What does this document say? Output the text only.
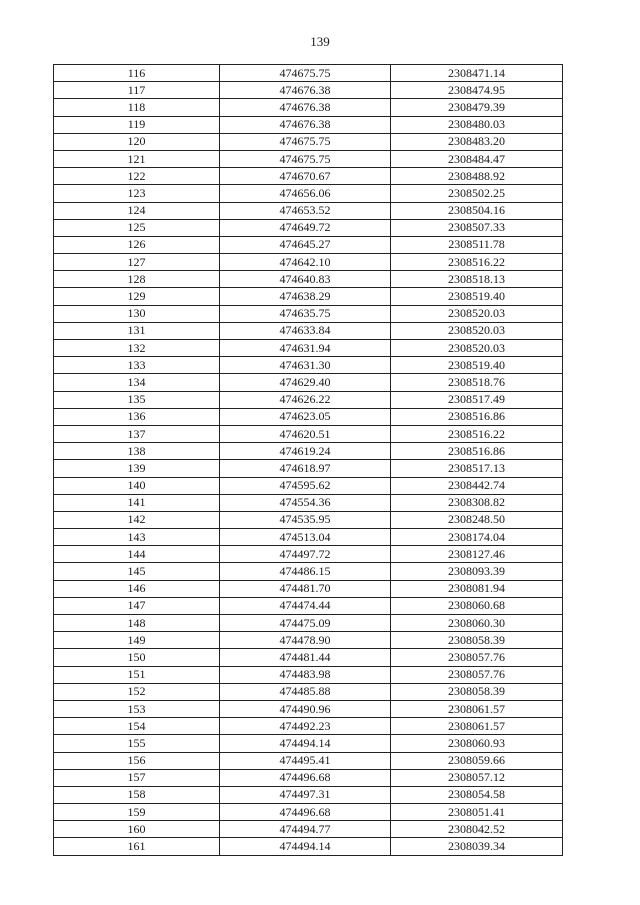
139
116	474675.75	2308471.14
117	474676.38	2308474.95
118	474676.38	2308479.39
119	474676.38	2308480.03
120	474675.75	2308483.20
121	474675.75	2308484.47
122	474670.67	2308488.92
123	474656.06	2308502.25
124	474653.52	2308504.16
125	474649.72	2308507.33
126	474645.27	2308511.78
127	474642.10	2308516.22
128	474640.83	2308518.13
129	474638.29	2308519.40
130	474635.75	2308520.03
131	474633.84	2308520.03
132	474631.94	2308520.03
133	474631.30	2308519.40
134	474629.40	2308518.76
135	474626.22	2308517.49
136	474623.05	2308516.86
137	474620.51	2308516.22
138	474619.24	2308516.86
139	474618.97	2308517.13
140	474595.62	2308442.74
141	474554.36	2308308.82
142	474535.95	2308248.50
143	474513.04	2308174.04
144	474497.72	2308127.46
145	474486.15	2308093.39
146	474481.70	2308081.94
147	474474.44	2308060.68
148	474475.09	2308060.30
149	474478.90	2308058.39
150	474481.44	2308057.76
151	474483.98	2308057.76
152	474485.88	2308058.39
153	474490.96	2308061.57
154	474492.23	2308061.57
155	474494.14	2308060.93
156	474495.41	2308059.66
157	474496.68	2308057.12
158	474497.31	2308054.58
159	474496.68	2308051.41
160	474494.77	2308042.52
161	474494.14	2308039.34
